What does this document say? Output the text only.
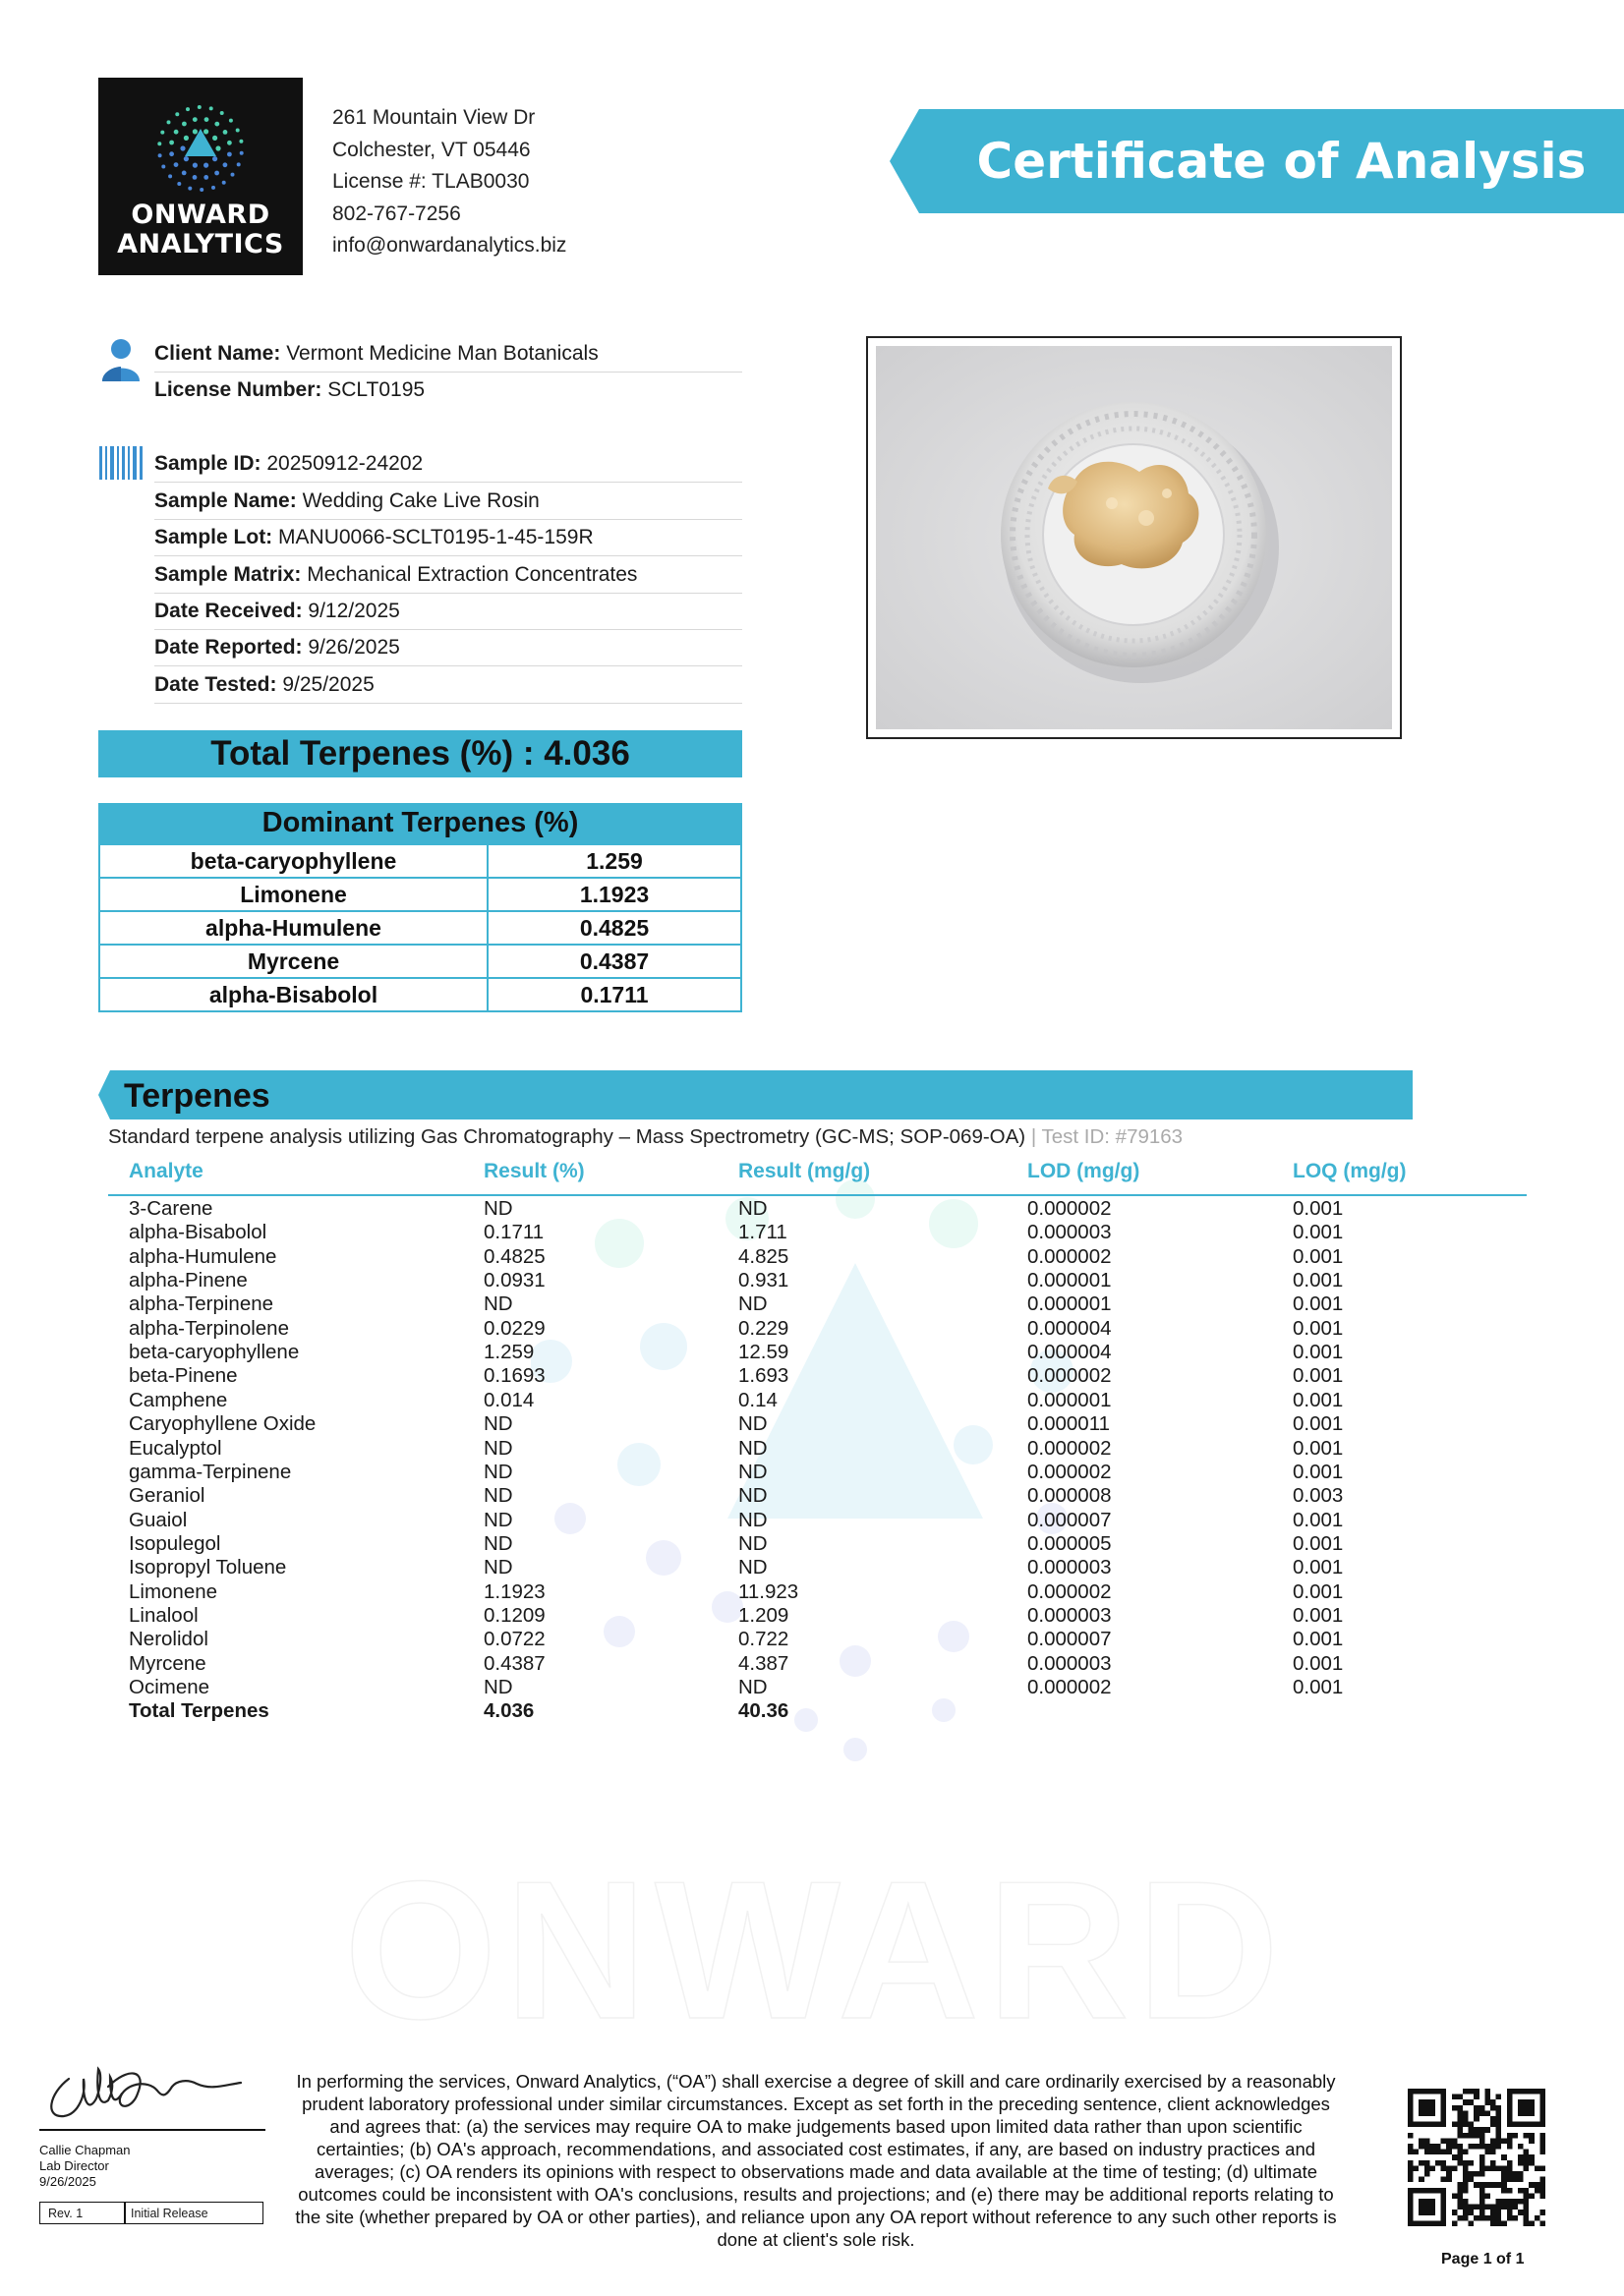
ONWARD
ANALYTICS
261 Mountain View Dr
Colchester, VT 05446
License #: TLAB0030
802-767-7256
info@onwardanalytics.biz
Certificate of Analysis
Client Name: Vermont Medicine Man Botanicals
License Number: SCLT0195
Sample ID: 20250912-24202
Sample Name: Wedding Cake Live Rosin
Sample Lot: MANU0066-SCLT0195-1-45-159R
Sample Matrix: Mechanical Extraction Concentrates
Date Received: 9/12/2025
Date Reported: 9/26/2025
Date Tested: 9/25/2025
Total Terpenes (%) : 4.036
Dominant Terpenes (%)
beta-caryophyllene	1.259
Limonene	1.1923
alpha-Humulene	0.4825
Myrcene	0.4387
alpha-Bisabolol	0.1711
ONWARD
Terpenes
Standard terpene analysis utilizing Gas Chromatography – Mass Spectrometry (GC-MS; SOP-069-OA) | Test ID: #79163
Analyte	Result (%)	Result (mg/g)	LOD (mg/g)	LOQ (mg/g)
3-Carene	ND	ND	0.000002	0.001
alpha-Bisabolol	0.1711	1.711	0.000003	0.001
alpha-Humulene	0.4825	4.825	0.000002	0.001
alpha-Pinene	0.0931	0.931	0.000001	0.001
alpha-Terpinene	ND	ND	0.000001	0.001
alpha-Terpinolene	0.0229	0.229	0.000004	0.001
beta-caryophyllene	1.259	12.59	0.000004	0.001
beta-Pinene	0.1693	1.693	0.000002	0.001
Camphene	0.014	0.14	0.000001	0.001
Caryophyllene Oxide	ND	ND	0.000011	0.001
Eucalyptol	ND	ND	0.000002	0.001
gamma-Terpinene	ND	ND	0.000002	0.001
Geraniol	ND	ND	0.000008	0.003
Guaiol	ND	ND	0.000007	0.001
Isopulegol	ND	ND	0.000005	0.001
Isopropyl Toluene	ND	ND	0.000003	0.001
Limonene	1.1923	11.923	0.000002	0.001
Linalool	0.1209	1.209	0.000003	0.001
Nerolidol	0.0722	0.722	0.000007	0.001
Myrcene	0.4387	4.387	0.000003	0.001
Ocimene	ND	ND	0.000002	0.001
Total Terpenes	4.036	40.36
Callie Chapman
Lab Director
9/26/2025
Rev. 1	Initial Release
In performing the services, Onward Analytics, (“OA”) shall exercise a degree of skill and care ordinarily exercised by a reasonably prudent laboratory professional under similar circumstances. Except as set forth in the preceding sentence, client acknowledges and agrees that: (a) the services may require OA to make judgements based upon limited data rather than upon scientific certainties; (b) OA's approach, recommendations, and associated cost estimates, if any, are based on industry practices and averages; (c) OA renders its opinions with respect to observations made and data available at the time of testing; (d) ultimate outcomes could be inconsistent with OA's conclusions, results and projections; and (e) there may be additional reports relating to the site (whether prepared by OA or other parties), and reliance upon any OA report without reference to any such other reports is done at client's sole risk.
Page 1 of 1
